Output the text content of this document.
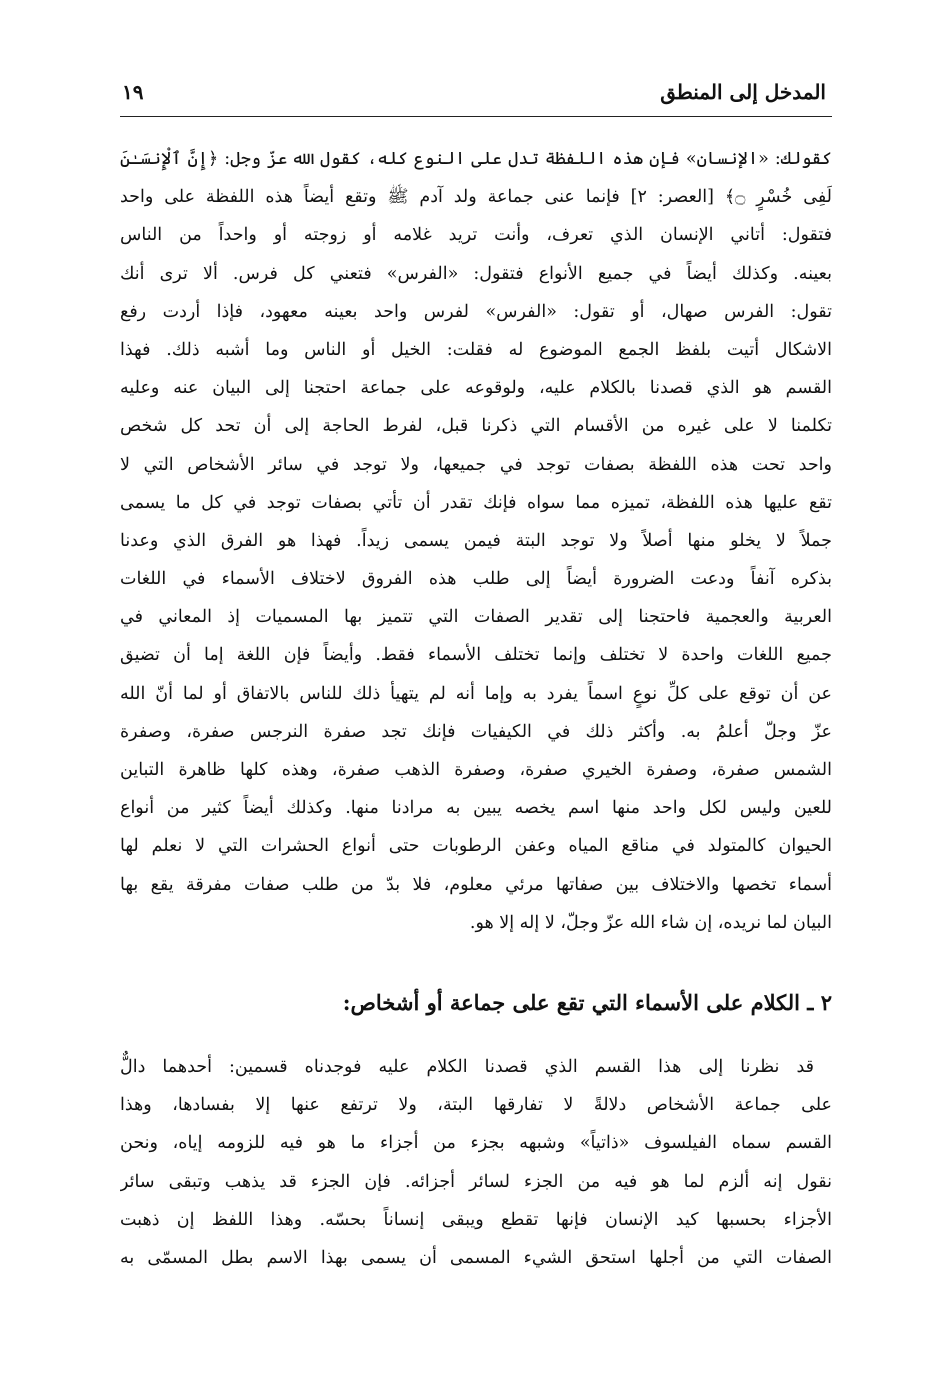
المدخل إلى المنطق
١٩
كقولك: «الإنسان» فإن هذه اللفظة تدل على النوع كله، كقول الله عزّ وجل: ﴿إِنَّ ٱلْإِنسَـٰنَ
لَفِى خُسْرٍ ۝﴾ [العصر: ٢] فإنما عنى جماعة ولد آدم ﷺ وتقع أيضاً هذه اللفظة على واحد
فتقول: أتاني الإنسان الذي تعرف، وأنت تريد غلامه أو زوجته أو واحداً من الناس
بعينه. وكذلك أيضاً في جميع الأنواع فتقول: «الفرس» فتعني كل فرس. ألا ترى أنك
تقول: الفرس صهال، أو تقول: «الفرس» لفرس واحد بعينه معهود، فإذا أردت رفع
الاشكال أتيت بلفظ الجمع الموضوع له فقلت: الخيل أو الناس وما أشبه ذلك. فهذا
القسم هو الذي قصدنا بالكلام عليه، ولوقوعه على جماعة احتجنا إلى البيان عنه وعليه
تكلمنا لا على غيره من الأقسام التي ذكرنا قبل، لفرط الحاجة إلى أن تحد كل شخص
واحد تحت هذه اللفظة بصفات توجد في جميعها، ولا توجد في سائر الأشخاص التي لا
تقع عليها هذه اللفظة، تميزه مما سواه فإنك تقدر أن تأتي بصفات توجد في كل ما يسمى
جملاً لا يخلو منها أصلاً ولا توجد البتة فيمن يسمى زيداً. فهذا هو الفرق الذي وعدنا
بذكره آنفاً ودعت الضرورة أيضاً إلى طلب هذه الفروق لاختلاف الأسماء في اللغات
العربية والعجمية فاحتجنا إلى تقدير الصفات التي تتميز بها المسميات إذ المعاني في
جميع اللغات واحدة لا تختلف وإنما تختلف الأسماء فقط. وأيضاً فإن اللغة إما أن تضيق
عن أن توقع على كلِّ نوعٍ اسماً يفرد به وإما أنه لم يتهيأ ذلك للناس بالاتفاق أو لما أنّ الله
عزّ وجلّ أعلمُ به. وأكثر ذلك في الكيفيات فإنك تجد صفرة النرجس صفرة، وصفرة
الشمس صفرة، وصفرة الخيري صفرة، وصفرة الذهب صفرة، وهذه كلها ظاهرة التباين
للعين وليس لكل واحد منها اسم يخصه يبين به مرادنا منها. وكذلك أيضاً كثير من أنواع
الحيوان كالمتولد في مناقع المياه وعفن الرطوبات حتى أنواع الحشرات التي لا نعلم لها
أسماء تخصها والاختلاف بين صفاتها مرئي معلوم، فلا بدّ من طلب صفات مفرقة يقع بها
البيان لما نريده، إن شاء الله عزّ وجلّ، لا إله إلا هو.
٢ ـ الكلام على الأسماء التي تقع على جماعة أو أشخاص:
قد نظرنا إلى هذا القسم الذي قصدنا الكلام عليه فوجدناه قسمين: أحدهما دالٌّ
على جماعة الأشخاص دلالةً لا تفارقها البتة، ولا ترتفع عنها إلا بفسادها، وهذا
القسم سماه الفيلسوف «ذاتياً» وشبهه بجزء من أجزاء ما هو فيه للزومه إياه، ونحن
نقول إنه ألزم لما هو فيه من الجزء لسائر أجزائه. فإن الجزء قد يذهب وتبقى سائر
الأجزاء بحسبها كيد الإنسان فإنها تقطع ويبقى إنساناً بحسّه. وهذا اللفظ إن ذهبت
الصفات التي من أجلها استحق الشيء المسمى أن يسمى بهذا الاسم بطل المسمّى به
